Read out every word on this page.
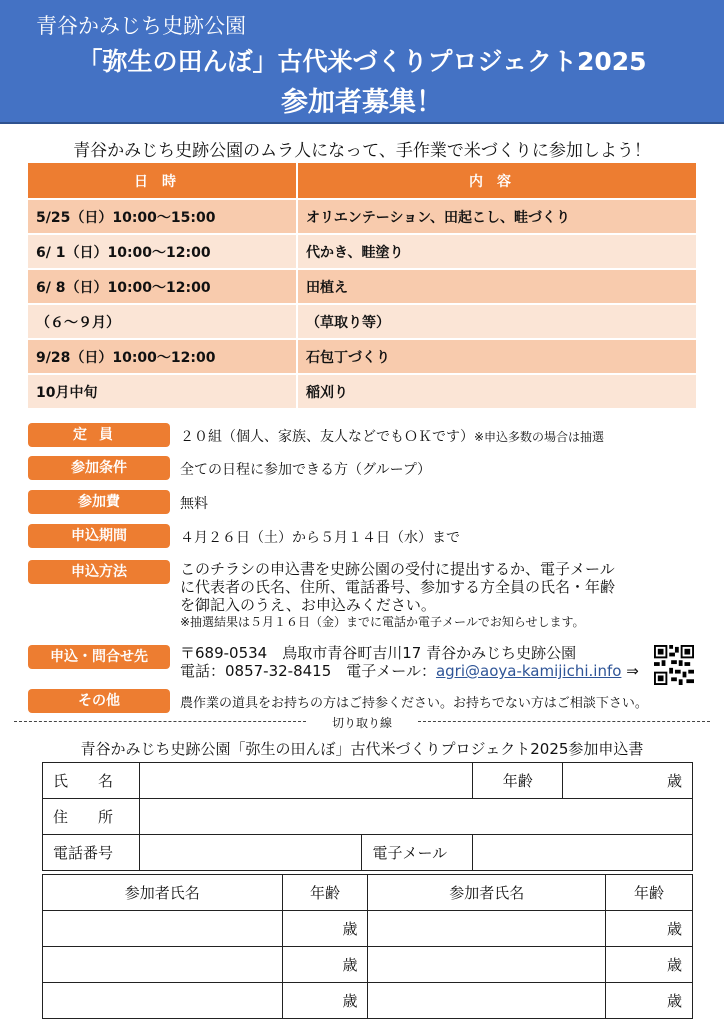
青谷かみじち史跡公園
「弥生の田んぼ」古代米づくりプロジェクト2025
参加者募集！
青谷かみじち史跡公園のムラ人になって、手作業で米づくりに参加しよう！
日時	内容
5/25（日）10:00～15:00	オリエンテーション、田起こし、畦づくり
6/ 1（日）10:00～12:00	代かき、畦塗り
6/ 8（日）10:00～12:00	田植え
（６～９月）	（草取り等）
9/28（日）10:00～12:00	石包丁づくり
10月中旬	稲刈り
定員	２０組（個人、家族、友人などでもＯＫです）※申込多数の場合は抽選
参加条件	全ての日程に参加できる方（グループ）
参加費	無料
申込期間	４月２６日（土）から５月１４日（水）まで
申込方法	このチラシの申込書を史跡公園の受付に提出するか、電子メール
に代表者の氏名、住所、電話番号、参加する方全員の氏名・年齢
を御記入のうえ、お申込みください。
※抽選結果は５月１６日（金）までに電話か電子メールでお知らせします。
申込・問合せ先	〒689-0534　鳥取市青谷町吉川17 青谷かみじち史跡公園
電話：0857-32-8415　電子メール：agri@aoya-kamijichi.info ⇒
その他	農作業の道具をお持ちの方はご持参ください。お持ちでない方はご相談下さい。
切り取り線
青谷かみじち史跡公園「弥生の田んぼ」古代米づくりプロジェクト2025参加申込書
氏　　名			年齢	歳
住　　所				
電話番号		電子メール		
参加者氏名	年齢	参加者氏名	年齢
	歳		歳
	歳		歳
	歳		歳
